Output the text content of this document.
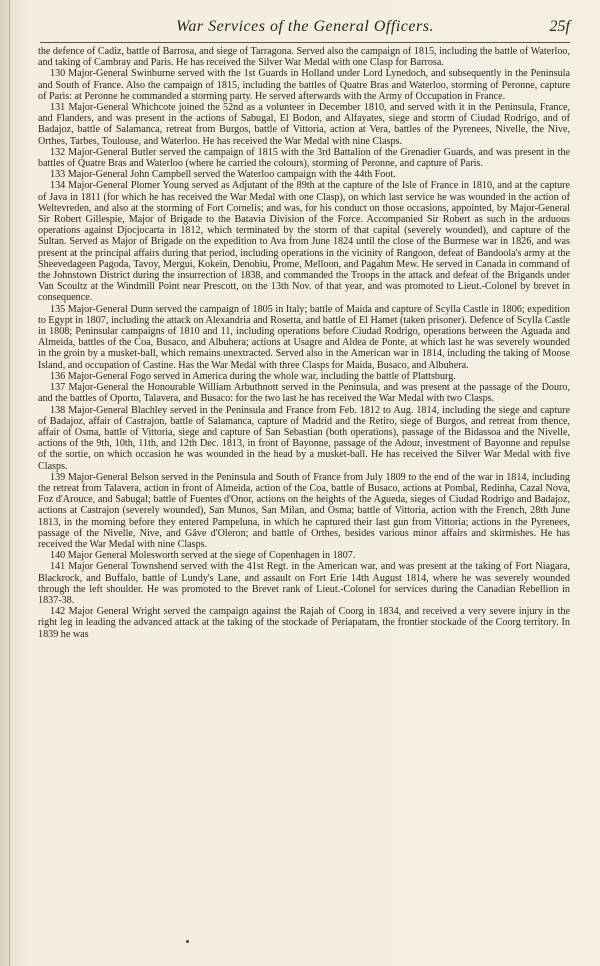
War Services of the General Officers.	25f

the defence of Cadiz, battle of Barrosa, and siege of Tarragona. Served also the campaign of 1815, including the battle of Waterloo, and taking of Cambray and Paris. He has received the Silver War Medal with one Clasp for Barrosa.

130 Major-General Swinburne served with the 1st Guards in Holland under Lord Lynedoch, and subsequently in the Peninsula and South of France. Also the campaign of 1815, including the battles of Quatre Bras and Waterloo, storming of Peronne, capture of Paris: at Peronne he commanded a storming party. He served afterwards with the Army of Occupation in France.

131 Major-General Whichcote joined the 52nd as a volunteer in December 1810, and served with it in the Peninsula, France, and Flanders, and was present in the actions of Sabugal, El Bodon, and Alfayates, siege and storm of Ciudad Rodrigo, and of Badajoz, battle of Salamanca, retreat from Burgos, battle of Vittoria, action at Vera, battles of the Pyrenees, Nivelle, the Nive, Orthes, Tarbes, Toulouse, and Waterloo. He has received the War Medal with nine Clasps.

132 Major-General Butler served the campaign of 1815 with the 3rd Battalion of the Grenadier Guards, and was present in the battles of Quatre Bras and Waterloo (where he carried the colours), storming of Peronne, and capture of Paris.

133 Major-General John Campbell served the Waterloo campaign with the 44th Foot.

134 Major-General Plomer Young served as Adjutant of the 89th at the capture of the Isle of France in 1810, and at the capture of Java in 1811 (for which he has received the War Medal with one Clasp), on which last service he was wounded in the action of Weltevreden, and also at the storming of Fort Cornelis; and was, for his conduct on those occasions, appointed, by Major-General Sir Robert Gillespie, Major of Brigade to the Batavia Division of the Force. Accompanied Sir Robert as such in the arduous operations against Djocjocarta in 1812, which terminated by the storm of that capital (severely wounded), and capture of the Sultan. Served as Major of Brigade on the expedition to Ava from June 1824 until the close of the Burmese war in 1826, and was present at the principal affairs during that period, including operations in the vicinity of Rangoon, defeat of Bandoola's army at the Sheevedageen Pagoda, Tavoy, Mergui, Kokein, Denobiu, Prome, Melloon, and Pagahm Mew. He served in Canada in command of the Johnstown District during the insurrection of 1838, and commanded the Troops in the attack and defeat of the Brigands under Van Scoultz at the Windmill Point near Prescott, on the 13th Nov. of that year, and was promoted to Lieut.-Colonel by brevet in consequence.

135 Major-General Dunn served the campaign of 1805 in Italy; battle of Maida and capture of Scylla Castle in 1806; expedition to Egypt in 1807, including the attack on Alexandria and Rosetta, and battle of El Hamet (taken prisoner). Defence of Scylla Castle in 1808; Peninsular campaigns of 1810 and 11, including operations before Ciudad Rodrigo, operations between the Aguada and Almeida, battles of the Coa, Busaco, and Albuhera; actions at Usagre and Aldea de Ponte, at which last he was severely wounded in the groin by a musket-ball, which remains unextracted. Served also in the American war in 1814, including the taking of Moose Island, and occupation of Castine. Has the War Medal with three Clasps for Maida, Busaco, and Albuhera.

136 Major-General Fogo served in America during the whole war, including the battle of Plattsburg.

137 Major-General the Honourable William Arbuthnott served in the Peninsula, and was present at the passage of the Douro, and the battles of Oporto, Talavera, and Busaco: for the two last he has received the War Medal with two Clasps.

138 Major-General Blachley served in the Peninsula and France from Feb. 1812 to Aug. 1814, including the siege and capture of Badajoz, affair of Castrajon, battle of Salamanca, capture of Madrid and the Retiro, siege of Burgos, and retreat from thence, affair of Osma, battle of Vittoria, siege and capture of San Sebastian (both operations), passage of the Bidassoa and the Nivelle, actions of the 9th, 10th, 11th, and 12th Dec. 1813, in front of Bayonne, passage of the Adour, investment of Bayonne and repulse of the sortie, on which occasion he was wounded in the head by a musket-ball. He has received the Silver War Medal with five Clasps.

139 Major-General Belson served in the Peninsula and South of France from July 1809 to the end of the war in 1814, including the retreat from Talavera, action in front of Almeida, action of the Coa, battle of Busaco, actions at Pombal, Redinha, Cazal Nova, Foz d'Arouce, and Sabugal; battle of Fuentes d'Onor, actions on the heights of the Agueda, sieges of Ciudad Rodrigo and Badajoz, actions at Castrajon (severely wounded), San Munos, San Milan, and Osma; battle of Vittoria, action with the French, 28th June 1813, in the morning before they entered Pampeluna, in which he captured their last gun from Vittoria; actions in the Pyrenees, passage of the Nivelle, Nive, and Gâve d'Oleron; and battle of Orthes, besides various minor affairs and skirmishes. He has received the War Medal with nine Clasps.

140 Major General Molesworth served at the siege of Copenhagen in 1807.

141 Major General Townshend served with the 41st Regt. in the American war, and was present at the taking of Fort Niagara, Blackrock, and Buffalo, battle of Lundy's Lane, and assault on Fort Erie 14th August 1814, where he was severely wounded through the left shoulder. He was promoted to the Brevet rank of Lieut.-Colonel for services during the Canadian Rebellion in 1837-38.

142 Major General Wright served the campaign against the Rajah of Coorg in 1834, and received a very severe injury in the right leg in leading the advanced attack at the taking of the stockade of Periapatam, the frontier stockade of the Coorg territory. In 1839 he was
